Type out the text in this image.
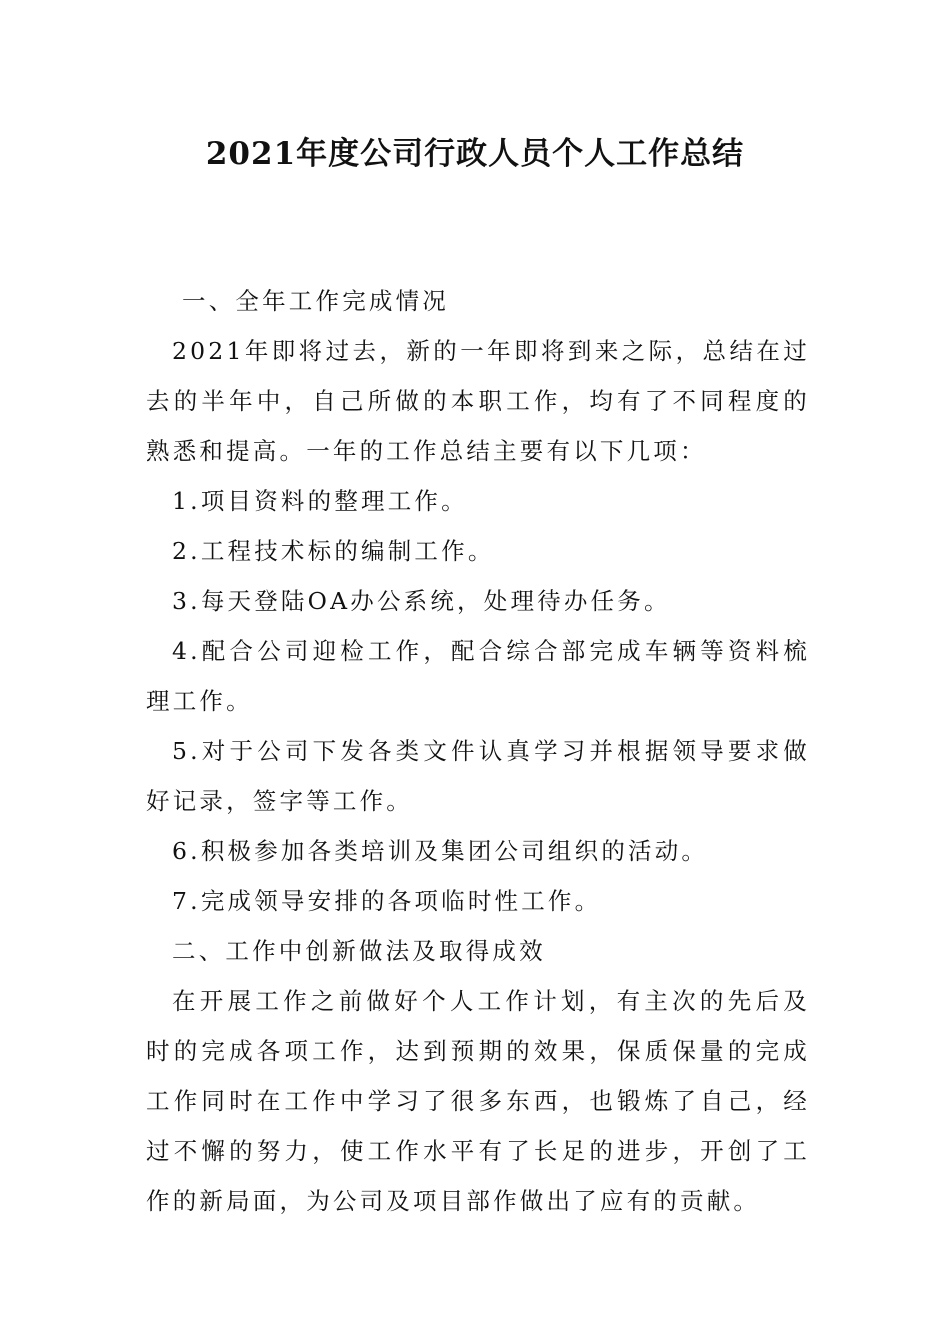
2021年度公司行政人员个人工作总结

一、全年工作完成情况

2021年即将过去，新的一年即将到来之际，总结在过去的半年中，自己所做的本职工作，均有了不同程度的熟悉和提高。一年的工作总结主要有以下几项：

1.项目资料的整理工作。

2.工程技术标的编制工作。

3.每天登陆OA办公系统，处理待办任务。

4.配合公司迎检工作，配合综合部完成车辆等资料梳理工作。

5.对于公司下发各类文件认真学习并根据领导要求做好记录，签字等工作。

6.积极参加各类培训及集团公司组织的活动。

7.完成领导安排的各项临时性工作。

二、工作中创新做法及取得成效

在开展工作之前做好个人工作计划，有主次的先后及时的完成各项工作，达到预期的效果，保质保量的完成工作同时在工作中学习了很多东西，也锻炼了自己，经过不懈的努力，使工作水平有了长足的进步，开创了工作的新局面，为公司及项目部作做出了应有的贡献。
